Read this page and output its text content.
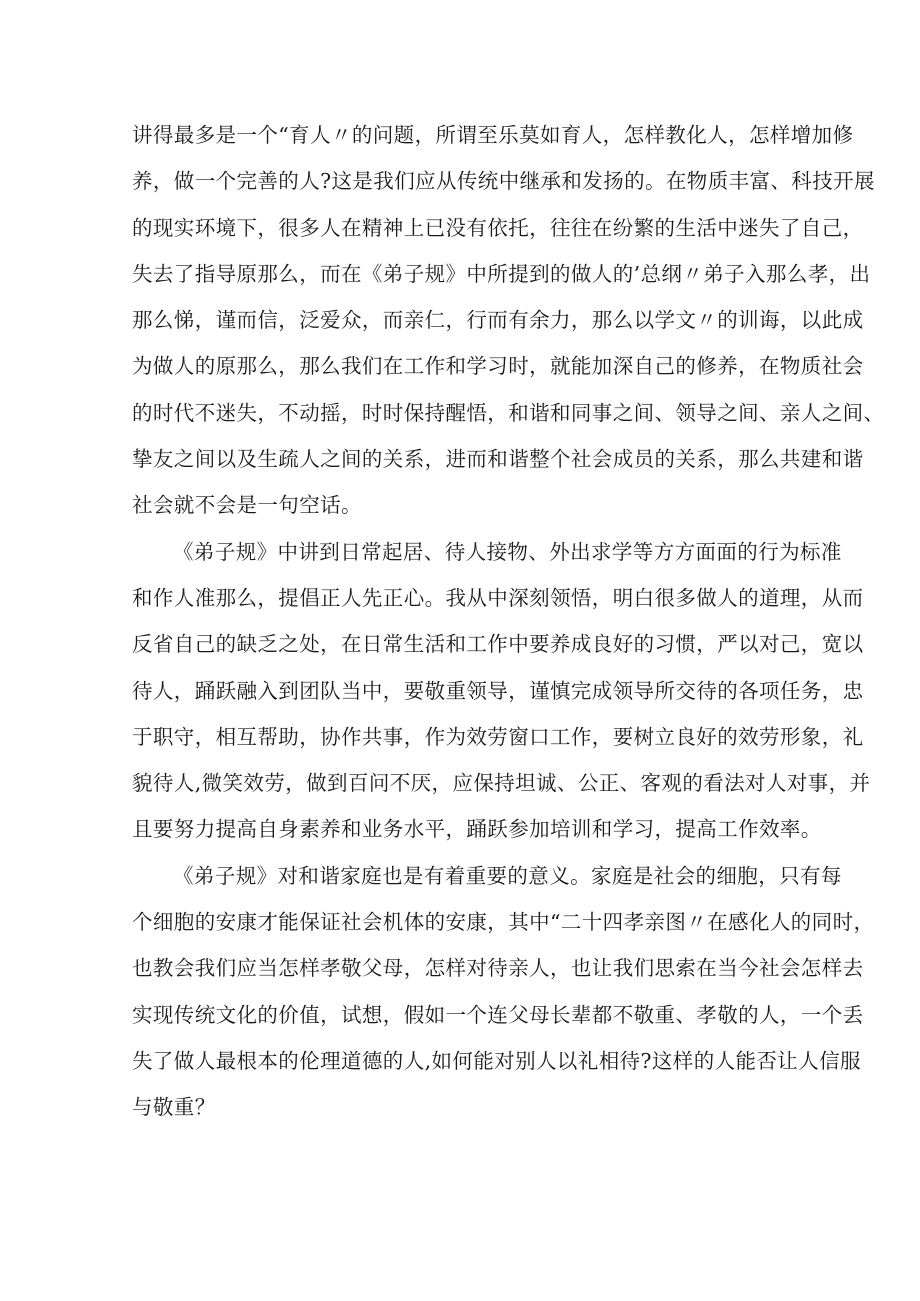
讲得最多是一个“育人〃的问题，所谓至乐莫如育人，怎样教化人，怎样增加修
养，做一个完善的人?这是我们应从传统中继承和发扬的。在物质丰富、科技开展
的现实环境下，很多人在精神上已没有依托，往往在纷繁的生活中迷失了自己，
失去了指导原那么，而在《弟子规》中所提到的做人的’总纲〃弟子入那么孝，出
那么悌，谨而信，泛爱众，而亲仁，行而有余力，那么以学文〃的训诲，以此成
为做人的原那么，那么我们在工作和学习时，就能加深自己的修养，在物质社会
的时代不迷失，不动摇，时时保持醒悟，和谐和同事之间、领导之间、亲人之间、
挚友之间以及生疏人之间的关系，进而和谐整个社会成员的关系，那么共建和谐
社会就不会是一句空话。

《弟子规》中讲到日常起居、待人接物、外出求学等方方面面的行为标准
和作人准那么，提倡正人先正心。我从中深刻领悟，明白很多做人的道理，从而
反省自己的缺乏之处，在日常生活和工作中要养成良好的习惯，严以对己，宽以
待人，踊跃融入到团队当中，要敬重领导，谨慎完成领导所交待的各项任务，忠
于职守，相互帮助，协作共事，作为效劳窗口工作，要树立良好的效劳形象，礼
貌待人,微笑效劳，做到百问不厌，应保持坦诚、公正、客观的看法对人对事，并
且要努力提高自身素养和业务水平，踊跃参加培训和学习，提高工作效率。

《弟子规》对和谐家庭也是有着重要的意义。家庭是社会的细胞，只有每
个细胞的安康才能保证社会机体的安康，其中“二十四孝亲图〃在感化人的同时，
也教会我们应当怎样孝敬父母，怎样对待亲人，也让我们思索在当今社会怎样去
实现传统文化的价值，试想，假如一个连父母长辈都不敬重、孝敬的人，一个丢
失了做人最根本的伦理道德的人,如何能对别人以礼相待?这样的人能否让人信服
与敬重？
